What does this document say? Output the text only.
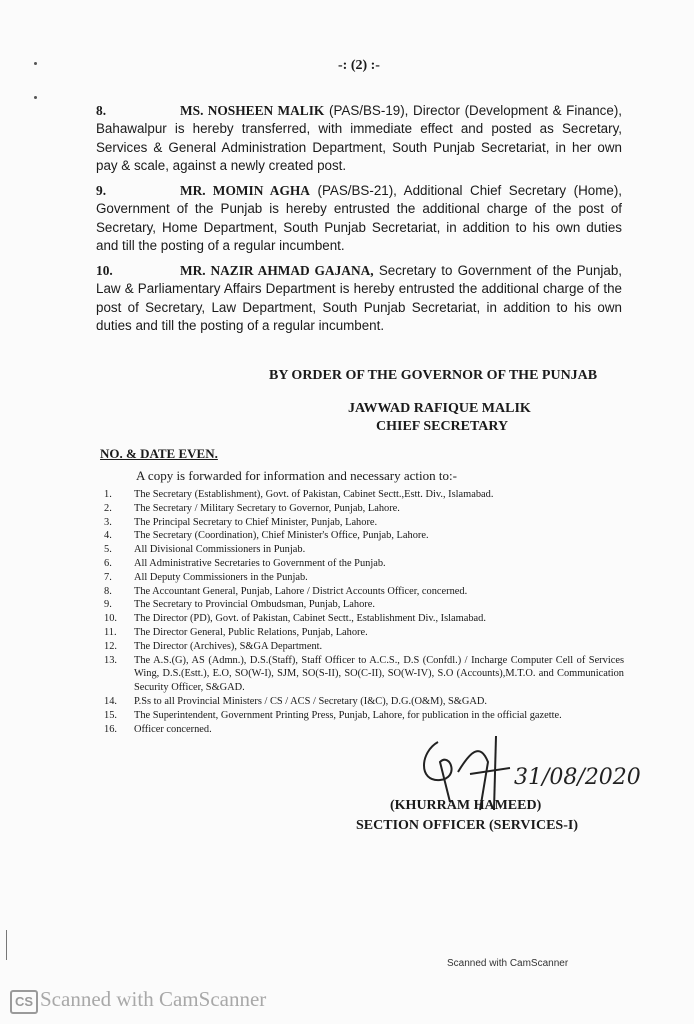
-: (2) :-
8.	MS. NOSHEEN MALIK (PAS/BS-19), Director (Development & Finance), Bahawalpur is hereby transferred, with immediate effect and posted as Secretary, Services & General Administration Department, South Punjab Secretariat, in her own pay & scale, against a newly created post.
9.	MR. MOMIN AGHA (PAS/BS-21), Additional Chief Secretary (Home), Government of the Punjab is hereby entrusted the additional charge of the post of Secretary, Home Department, South Punjab Secretariat, in addition to his own duties and till the posting of a regular incumbent.
10.	MR. NAZIR AHMAD GAJANA, Secretary to Government of the Punjab, Law & Parliamentary Affairs Department is hereby entrusted the additional charge of the post of Secretary, Law Department, South Punjab Secretariat, in addition to his own duties and till the posting of a regular incumbent.
BY ORDER OF THE GOVERNOR OF THE PUNJAB
JAWWAD RAFIQUE MALIK
CHIEF SECRETARY
NO. & DATE EVEN.
A copy is forwarded for information and necessary action to:-
1.	The Secretary (Establishment), Govt. of Pakistan, Cabinet Sectt.,Estt. Div., Islamabad.
2.	The Secretary / Military Secretary to Governor, Punjab, Lahore.
3.	The Principal Secretary to Chief Minister, Punjab, Lahore.
4.	The Secretary (Coordination), Chief Minister's Office, Punjab, Lahore.
5.	All Divisional Commissioners in Punjab.
6.	All Administrative Secretaries to Government of the Punjab.
7.	All Deputy Commissioners in the Punjab.
8.	The Accountant General, Punjab, Lahore / District Accounts Officer, concerned.
9.	The Secretary to Provincial Ombudsman, Punjab, Lahore.
10.	The Director (PD), Govt. of Pakistan, Cabinet Sectt., Establishment Div., Islamabad.
11.	The Director General, Public Relations, Punjab, Lahore.
12.	The Director (Archives), S&GA Department.
13.	The A.S.(G), AS (Admn.), D.S.(Staff), Staff Officer to A.C.S., D.S (Confdl.) / Incharge Computer Cell of Services Wing, D.S.(Estt.), E.O, SO(W-I), SJM, SO(S-II), SO(C-II), SO(W-IV), S.O (Accounts),M.T.O. and Communication Security Officer, S&GAD.
14.	P.Ss to all Provincial Ministers / CS / ACS / Secretary (I&C), D.G.(O&M), S&GAD.
15.	The Superintendent, Government Printing Press, Punjab, Lahore, for publication in the official gazette.
16.	Officer concerned.
31/08/2020
(KHURRAM HAMEED)
SECTION OFFICER (SERVICES-I)
Scanned with CamScanner
CS Scanned with CamScanner
